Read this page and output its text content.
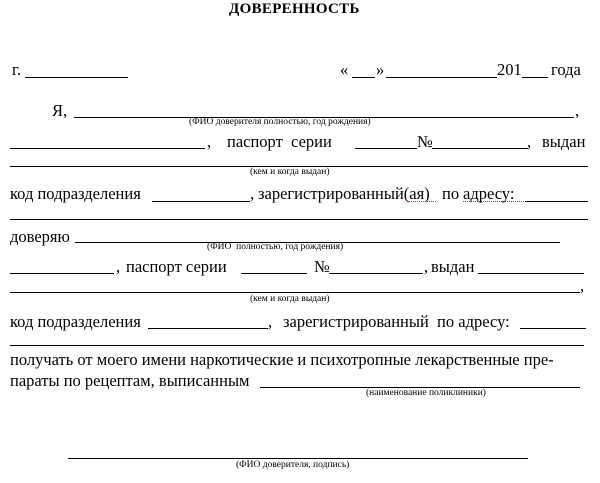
ДОВЕРЕННОСТЬ
г.	« »	201 года
Я,	,
(ФИО доверителя полностью, год рождения)
, паспорт  серии	№	, выдан
(кем и когда выдан)
код подразделения	, зарегистрированный(ая) по адресу:
доверяю
(ФИО  полностью, год рождения)
, паспорт серии	№	, выдан
,
(кем и когда выдан)
код подразделения	, зарегистрированный  по адресу:
получать от моего имени наркотические и психотропные лекарственные пре-
параты по рецептам, выписанным
(наименование поликлиники)
(ФИО доверителя, подпись)
